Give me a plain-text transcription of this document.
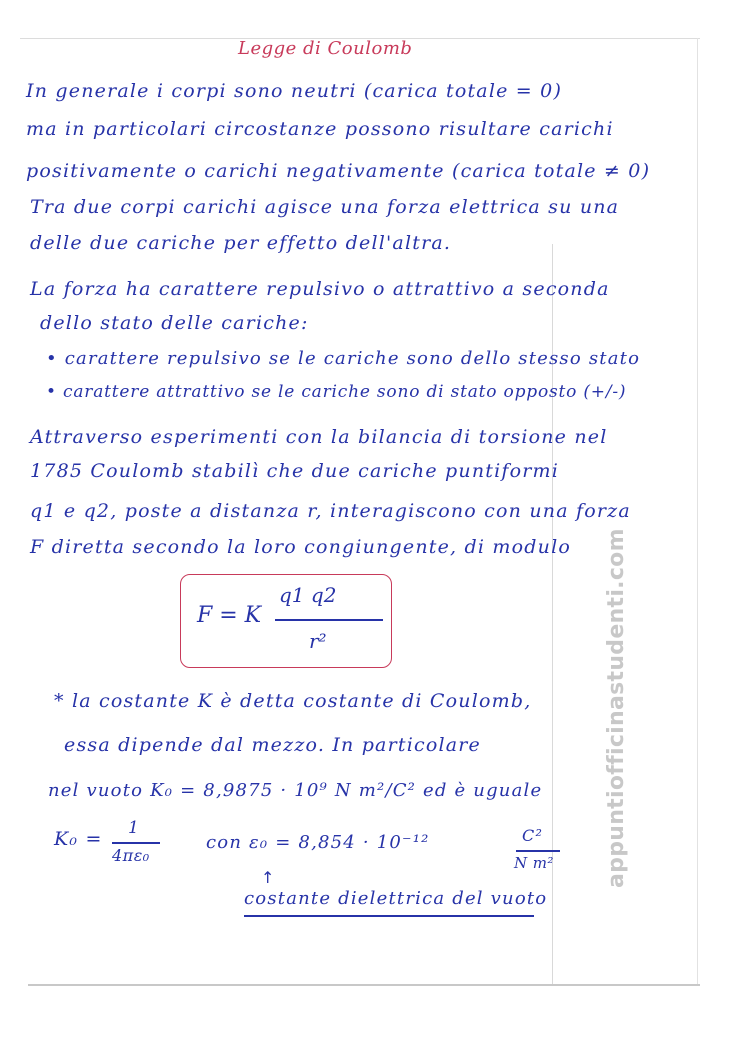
Legge di Coulomb
In generale i corpi sono neutri (carica totale = 0)
ma in particolari circostanze possono risultare carichi
positivamente o carichi negativamente (carica totale ≠ 0)
Tra due corpi carichi agisce una forza elettrica su una
delle due cariche per effetto dell'altra.
La forza ha carattere repulsivo o attrattivo a seconda
dello stato delle cariche:
• carattere repulsivo se le cariche sono dello stesso stato
• carattere attrattivo se le cariche sono di stato opposto (+/-)
Attraverso esperimenti con la bilancia di torsione nel
1785 Coulomb stabilì che due cariche puntiformi
q1 e q2, poste a distanza r, interagiscono con una forza
F diretta secondo la loro congiungente, di modulo
F = K
q1 q2
r²
* la costante K è detta costante di Coulomb,
essa dipende dal mezzo. In particolare
nel vuoto K₀ = 8,9875 · 10⁹ N m²/C² ed è uguale
K₀ = 1
4πε₀
con ε₀ = 8,854 · 10⁻¹²	C²
N m²
↑
costante dielettrica del vuoto
appuntiofficinastudenti.com
